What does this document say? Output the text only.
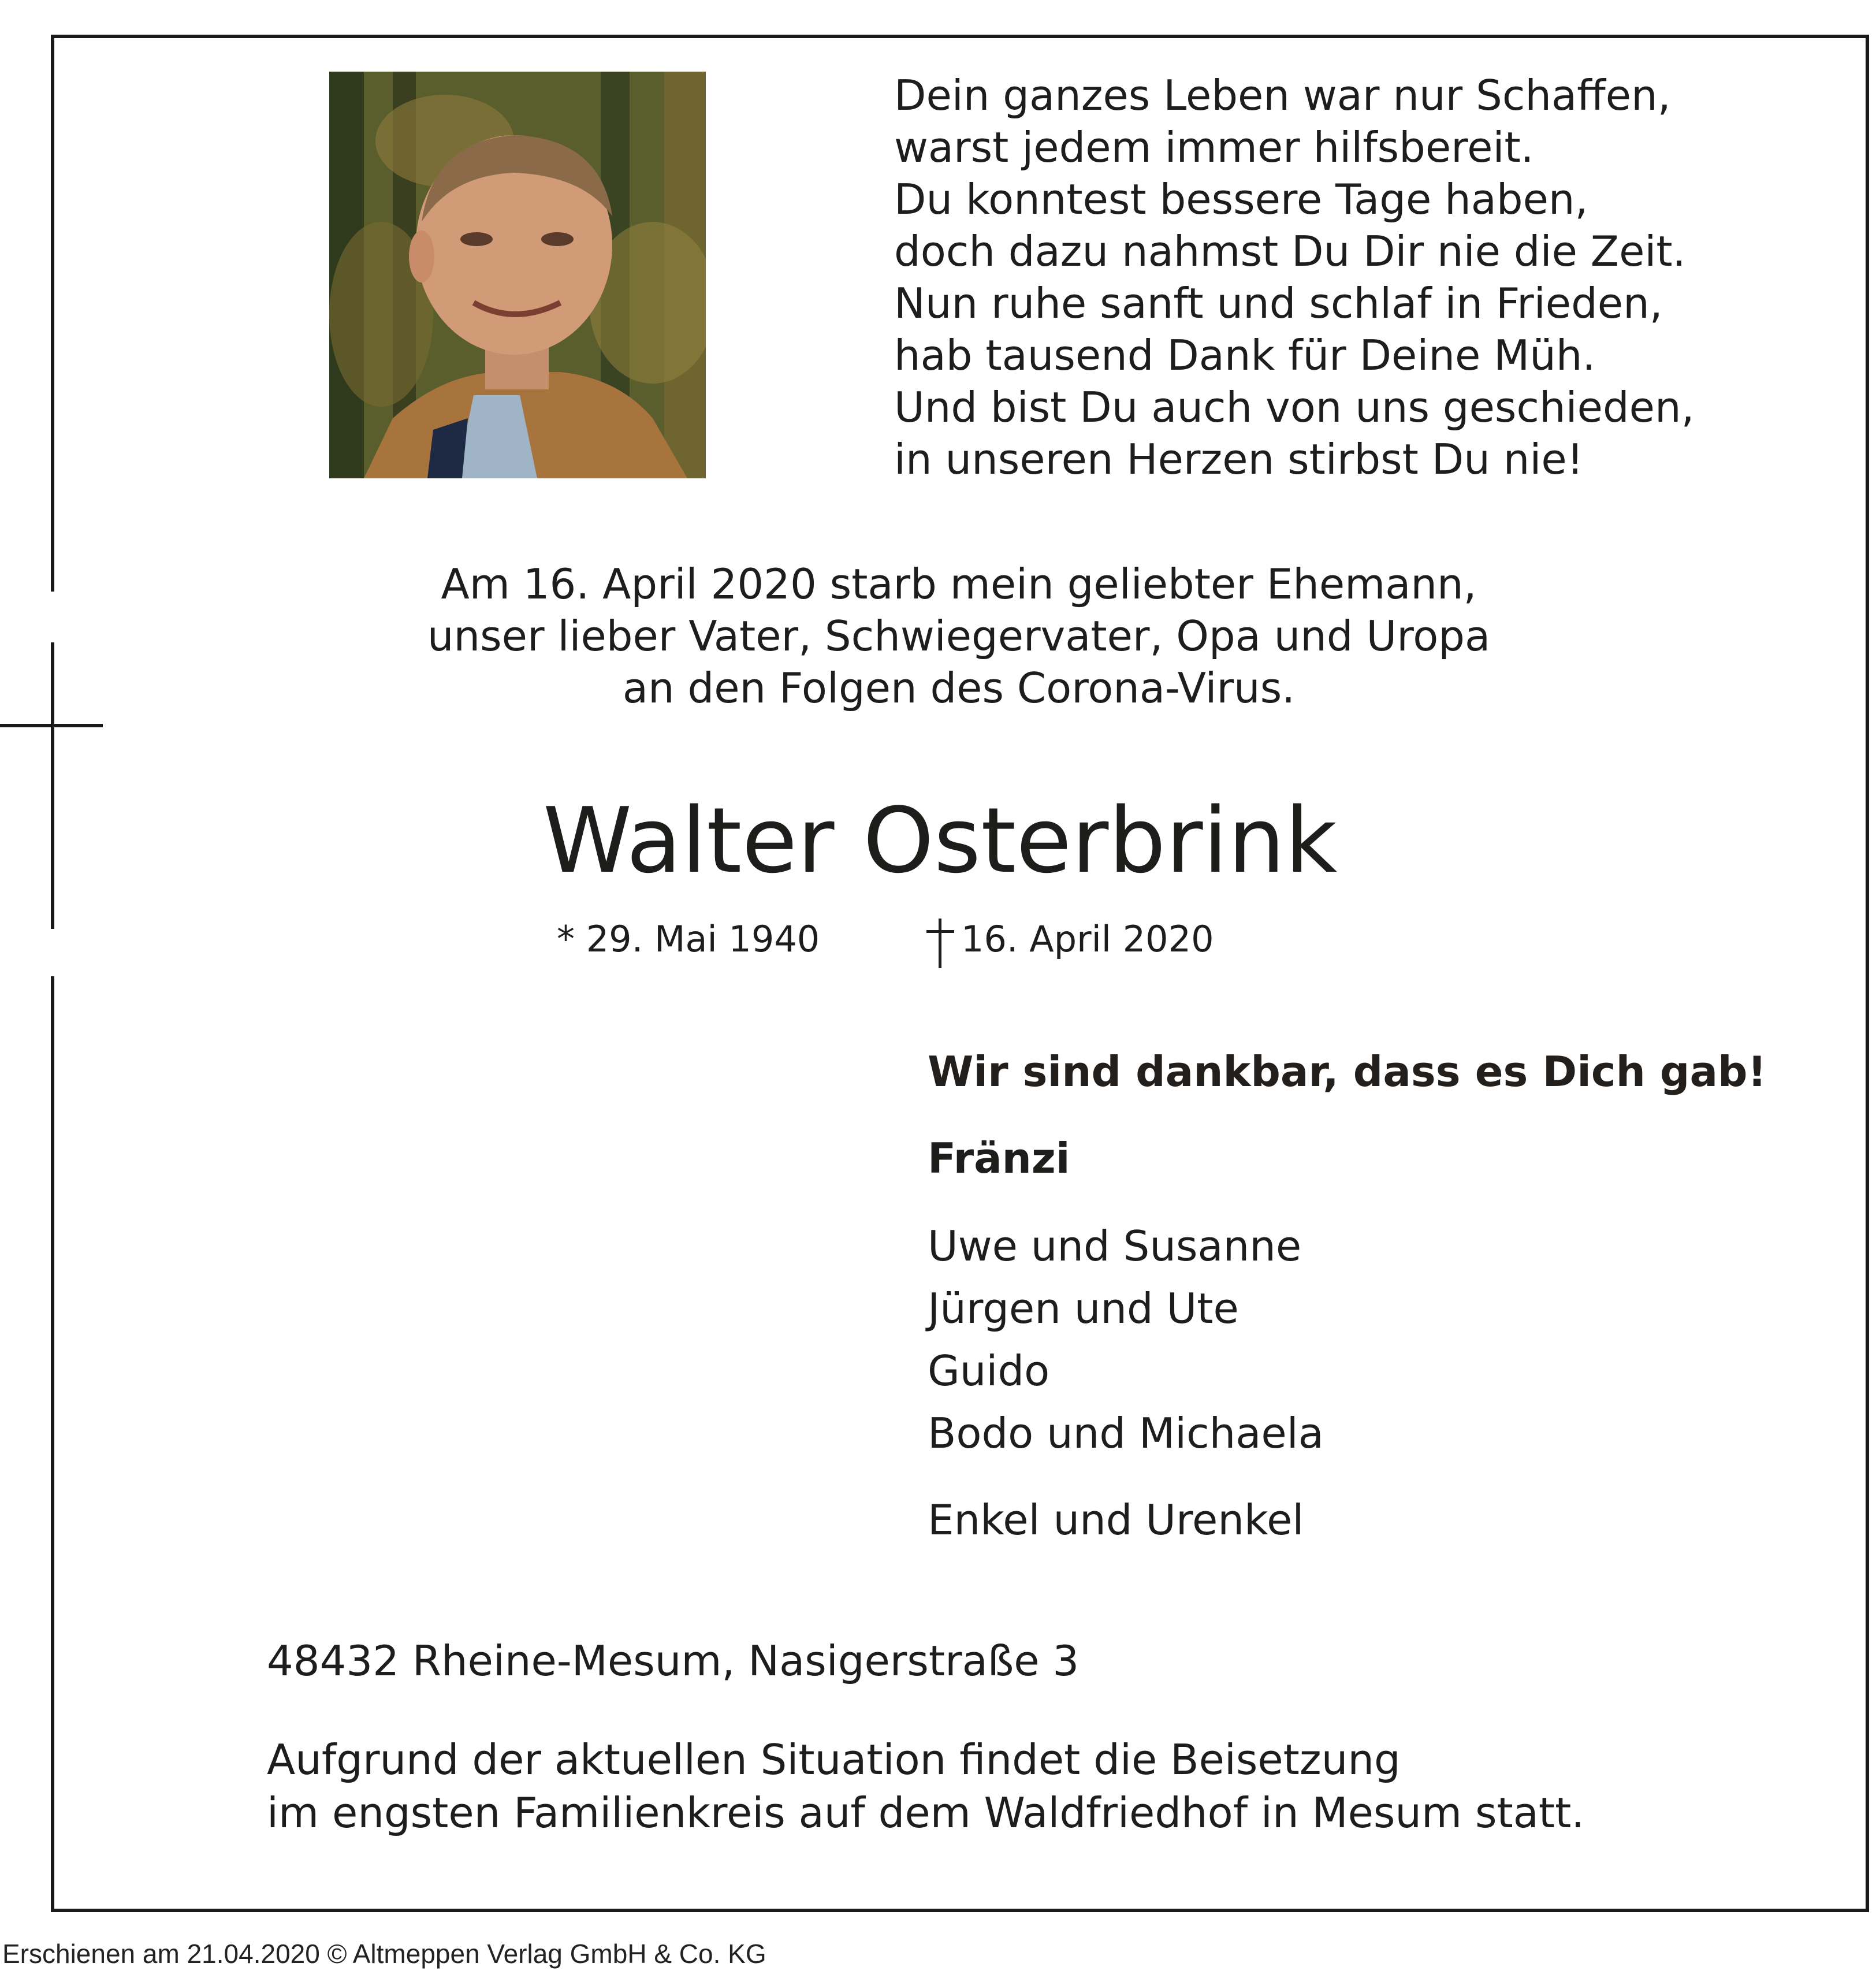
Dein ganzes Leben war nur Schaffen,
warst jedem immer hilfsbereit.
Du konntest bessere Tage haben,
doch dazu nahmst Du Dir nie die Zeit.
Nun ruhe sanft und schlaf in Frieden,
hab tausend Dank für Deine Müh.
Und bist Du auch von uns geschieden,
in unseren Herzen stirbst Du nie!
Am 16. April 2020 starb mein geliebter Ehemann,
unser lieber Vater, Schwiegervater, Opa und Uropa
an den Folgen des Corona-Virus.
Walter Osterbrink
* 29. Mai 1940	16. April 2020
Wir sind dankbar, dass es Dich gab!
Fränzi
Uwe und Susanne
Jürgen und Ute
Guido
Bodo und Michaela
Enkel und Urenkel
48432 Rheine-Mesum, Nasigerstraße 3
Aufgrund der aktuellen Situation findet die Beisetzung
im engsten Familienkreis auf dem Waldfriedhof in Mesum statt.
Erschienen am 21.04.2020 © Altmeppen Verlag GmbH & Co. KG
